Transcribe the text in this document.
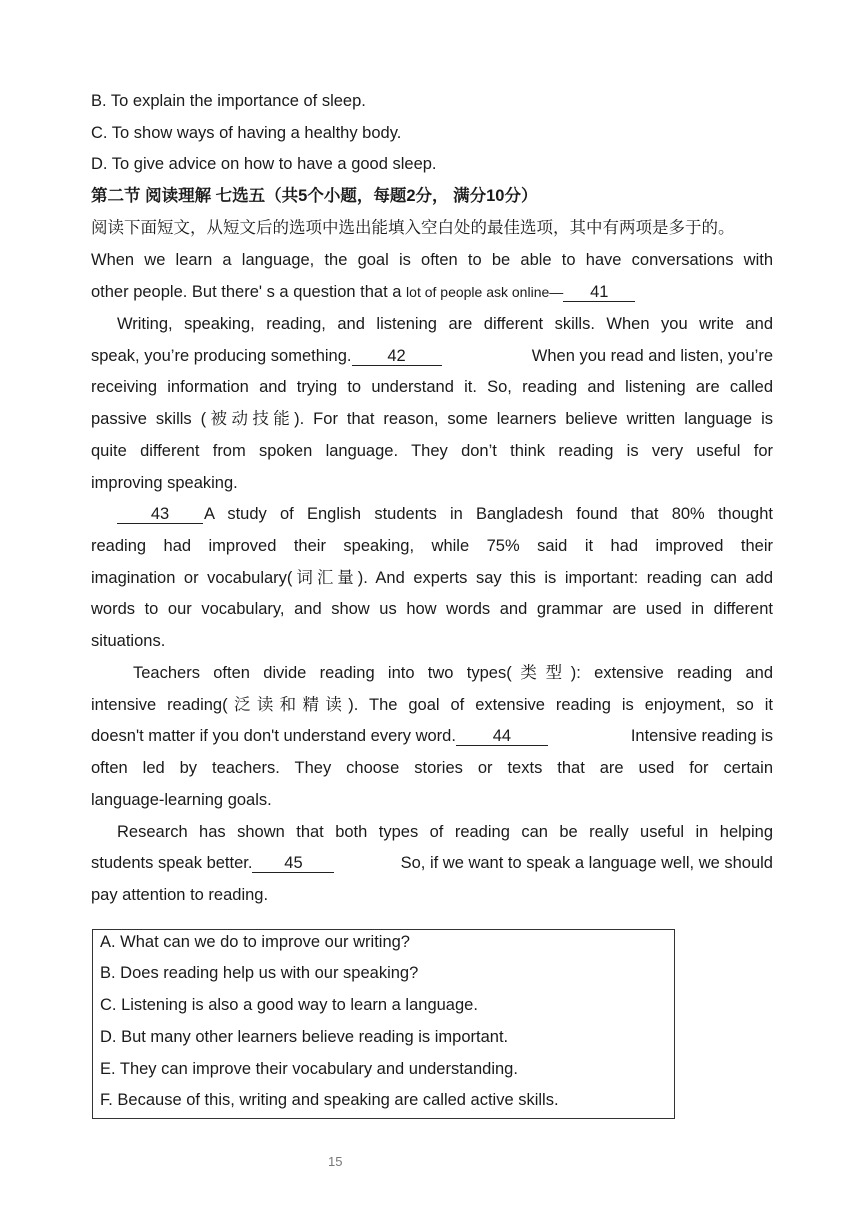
B. To explain the importance of sleep.
C. To show ways of having a healthy body.
D. To give advice on how to have a good sleep.
第二节 阅读理解 七选五（共5个小题，每题2分， 满分10分）
阅读下面短文，从短文后的选项中选出能填入空白处的最佳选项，其中有两项是多于的。
When we learn a language, the goal is often to be able to have conversations with
other people. But there' s a question that a lot of people ask online— 41
Writing, speaking, reading, and listening are different skills. When you write and
speak, you’re producing something. 42	When you read and listen, you’re
receiving information and trying to understand it. So, reading and listening are called
passive skills (被动技能). For that reason, some learners believe written language is
quite different from spoken language. They don’t think reading is very useful for
improving speaking.
43 A study of English students in Bangladesh found that 80% thought
reading had improved their speaking, while 75% said it had improved their
imagination or vocabulary(词汇量). And experts say this is important: reading can add
words to our vocabulary, and show us how words and grammar are used in different
situations.
Teachers often divide reading into two types(类型): extensive reading and
intensive reading(泛读和精读). The goal of extensive reading is enjoyment, so it
doesn't matter if you don't understand every word. 44	Intensive reading is
often led by teachers. They choose stories or texts that are used for certain
language-learning goals.
Research has shown that both types of reading can be really useful in helping
students speak better. 45	So, if we want to speak a language well, we should
pay attention to reading.
A. What can we do to improve our writing?
B. Does reading help us with our speaking?
C. Listening is also a good way to learn a language.
D. But many other learners believe reading is important.
E. They can improve their vocabulary and understanding.
F. Because of this, writing and speaking are called active skills.
15
